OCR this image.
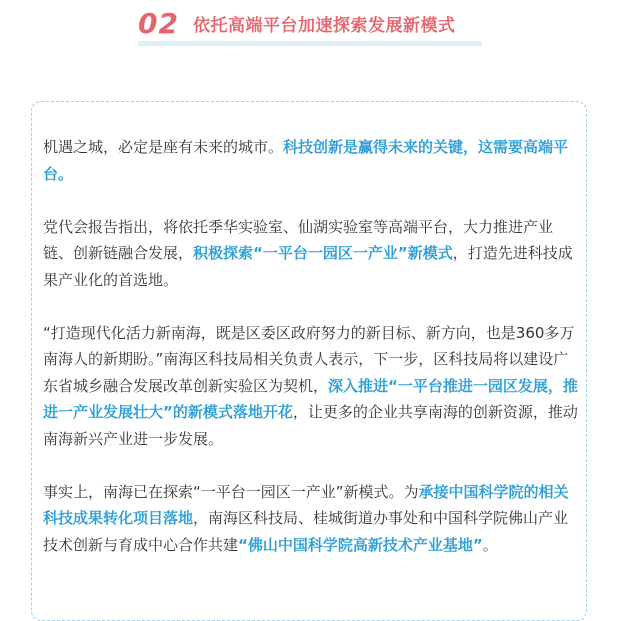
02 依托高端平台加速探索发展新模式

机遇之城，必定是座有未来的城市。科技创新是赢得未来的关键，这需要高端平台。

党代会报告指出，将依托季华实验室、仙湖实验室等高端平台，大力推进产业链、创新链融合发展，积极探索“一平台一园区一产业”新模式，打造先进科技成果产业化的首选地。

“打造现代化活力新南海，既是区委区政府努力的新目标、新方向，也是360多万南海人的新期盼。”南海区科技局相关负责人表示，下一步，区科技局将以建设广东省城乡融合发展改革创新实验区为契机，深入推进“一平台推进一园区发展，推进一产业发展壮大”的新模式落地开花，让更多的企业共享南海的创新资源，推动南海新兴产业进一步发展。

事实上，南海已在探索“一平台一园区一产业”新模式。为承接中国科学院的相关科技成果转化项目落地，南海区科技局、桂城街道办事处和中国科学院佛山产业技术创新与育成中心合作共建“佛山中国科学院高新技术产业基地”。
